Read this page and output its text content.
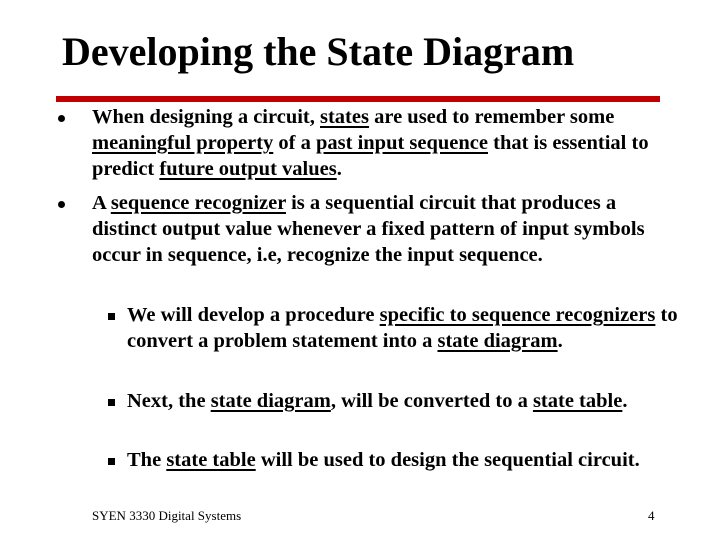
Developing the State Diagram
When designing a circuit, states are used to remember some meaningful property of a past input sequence that is essential to predict future output values.
A sequence recognizer is a sequential circuit that produces a distinct output value whenever a fixed pattern of input symbols occur in sequence, i.e, recognize the input sequence.
We will develop a procedure specific to sequence recognizers to convert a problem statement into a state diagram.
Next, the state diagram, will be converted to a state table.
The state table will be used to design the sequential circuit.
SYEN 3330 Digital Systems	4
